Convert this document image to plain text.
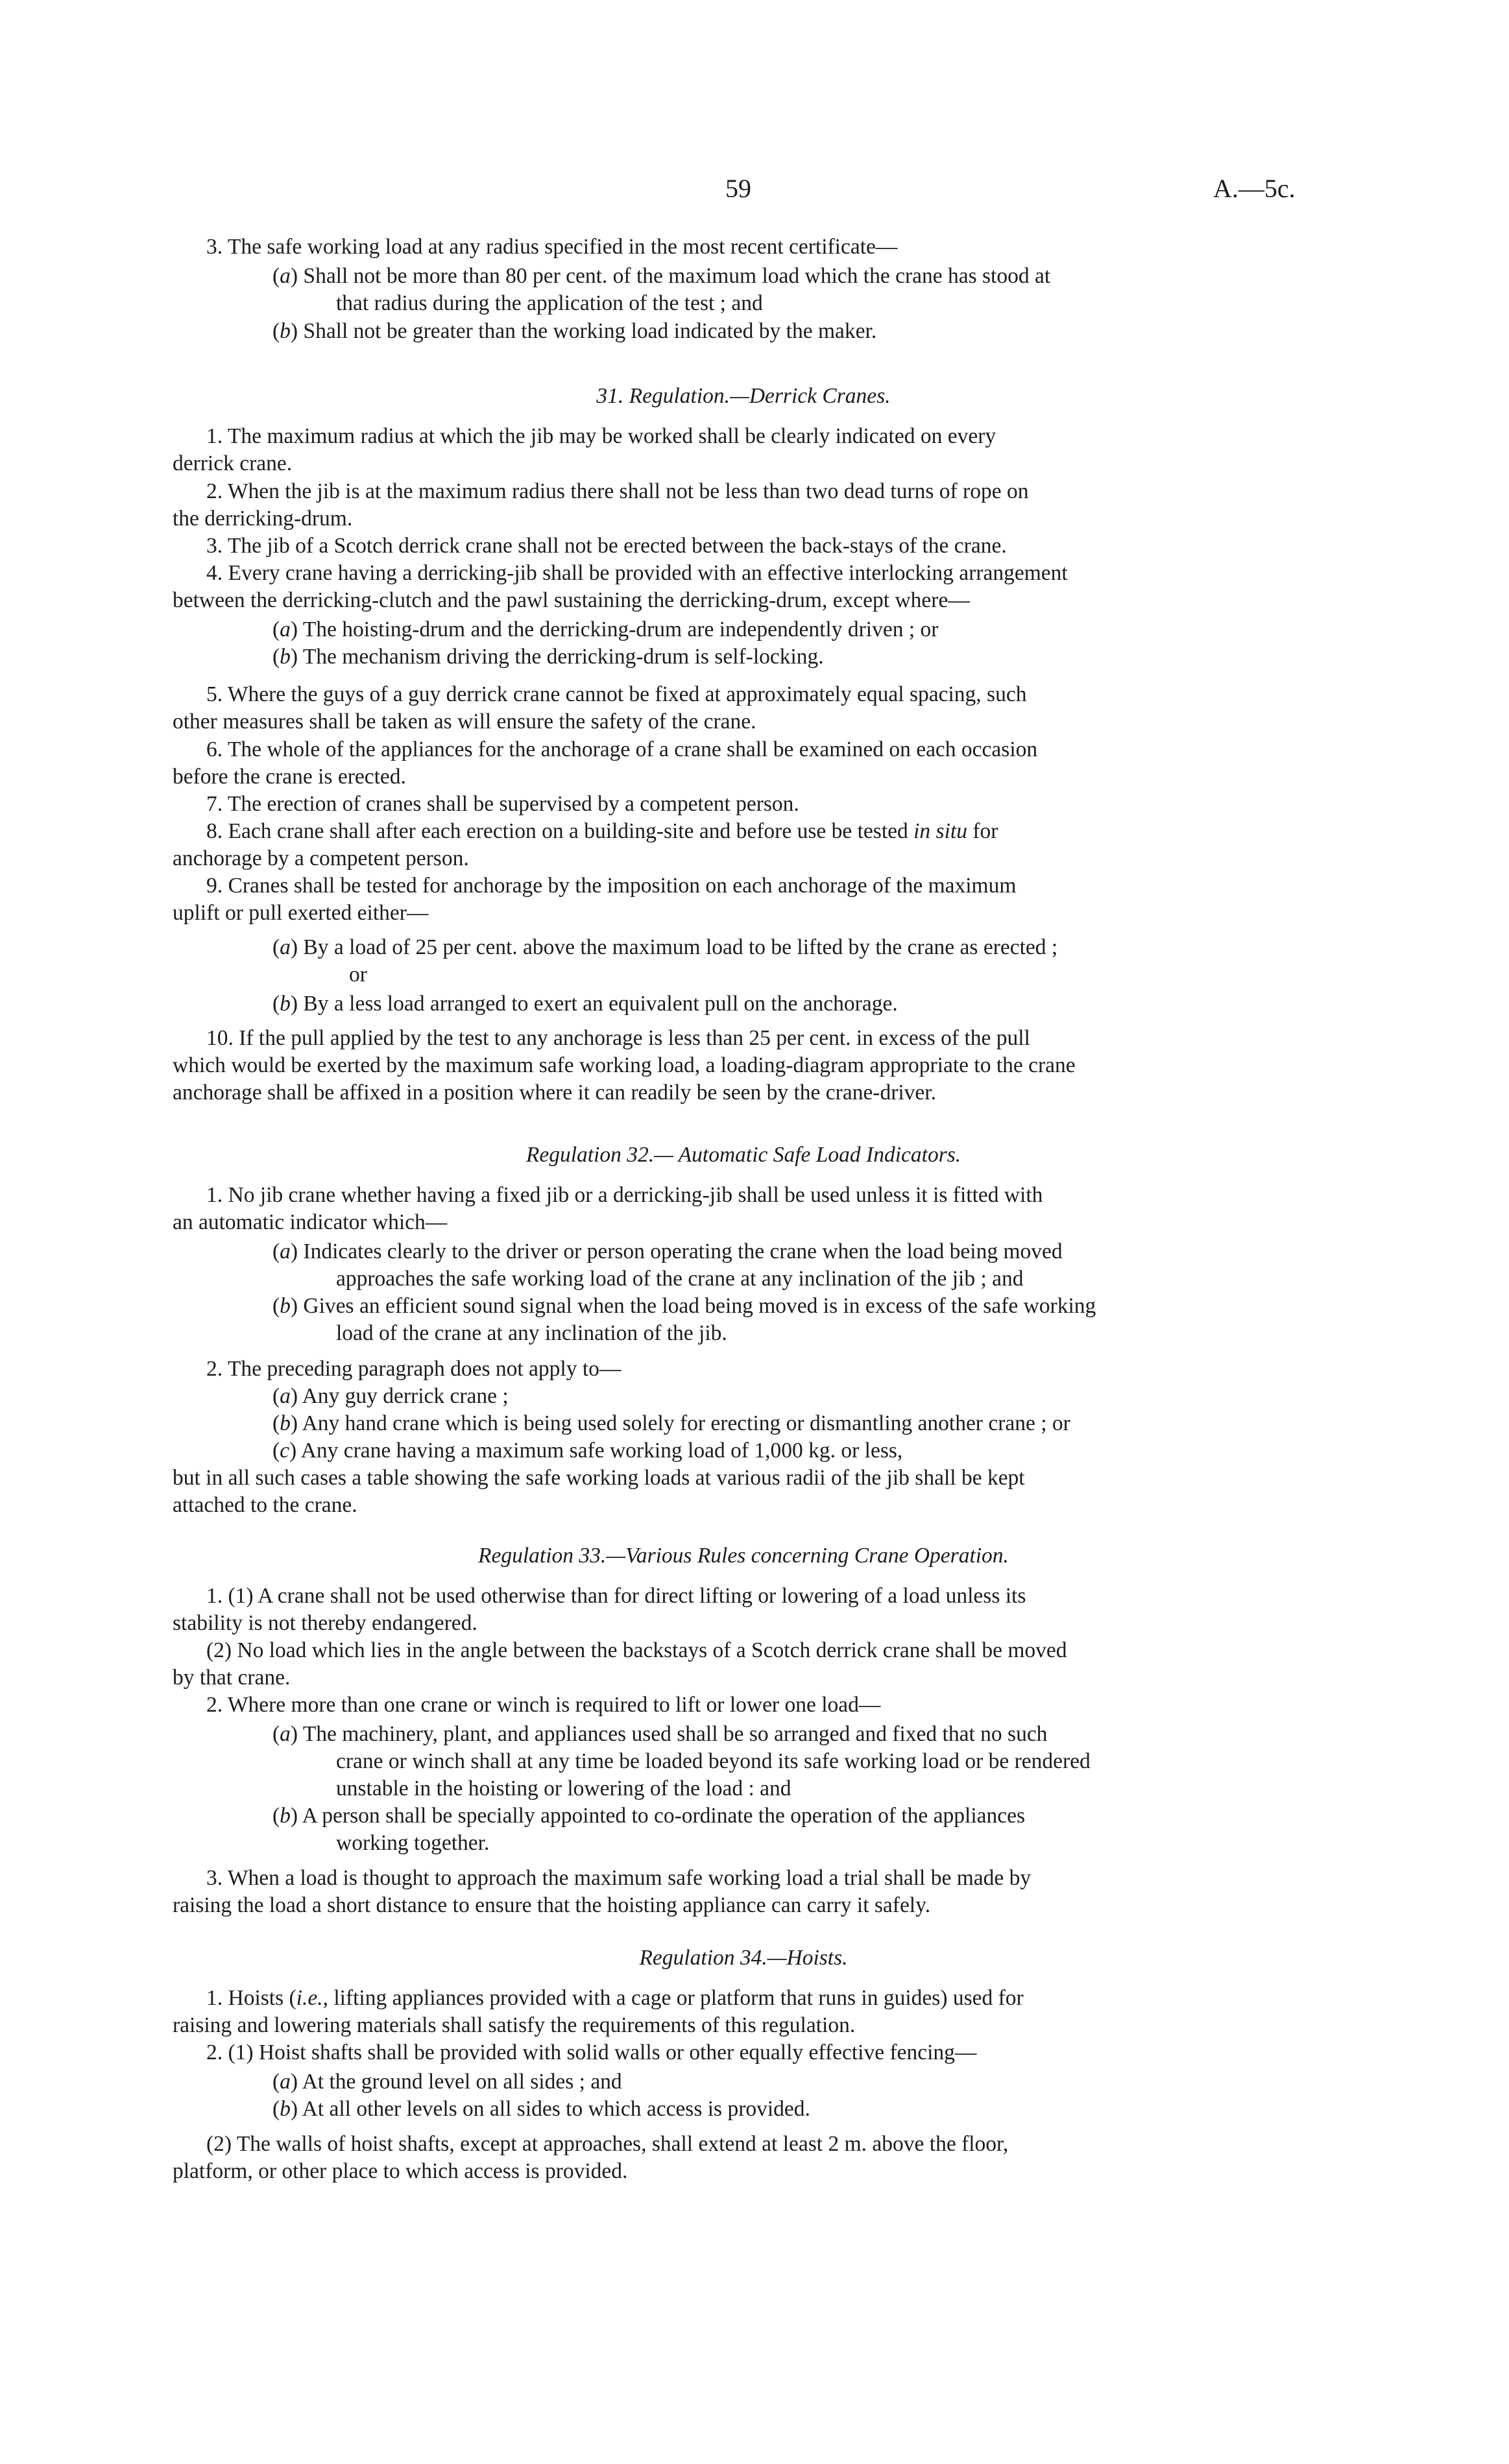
59	A.—5c.
3. The safe working load at any radius specified in the most recent certificate—
(a) Shall not be more than 80 per cent. of the maximum load which the crane has stood at
that radius during the application of the test ; and
(b) Shall not be greater than the working load indicated by the maker.
31. Regulation.—Derrick Cranes.
1. The maximum radius at which the jib may be worked shall be clearly indicated on every
derrick crane.
2. When the jib is at the maximum radius there shall not be less than two dead turns of rope on
the derricking-drum.
3. The jib of a Scotch derrick crane shall not be erected between the back-stays of the crane.
4. Every crane having a derricking-jib shall be provided with an effective interlocking arrangement
between the derricking-clutch and the pawl sustaining the derricking-drum, except where—
(a) The hoisting-drum and the derricking-drum are independently driven ; or
(b) The mechanism driving the derricking-drum is self-locking.
5. Where the guys of a guy derrick crane cannot be fixed at approximately equal spacing, such
other measures shall be taken as will ensure the safety of the crane.
6. The whole of the appliances for the anchorage of a crane shall be examined on each occasion
before the crane is erected.
7. The erection of cranes shall be supervised by a competent person.
8. Each crane shall after each erection on a building-site and before use be tested in situ for
anchorage by a competent person.
9. Cranes shall be tested for anchorage by the imposition on each anchorage of the maximum
uplift or pull exerted either—
(a) By a load of 25 per cent. above the maximum load to be lifted by the crane as erected ;
or
(b) By a less load arranged to exert an equivalent pull on the anchorage.
10. If the pull applied by the test to any anchorage is less than 25 per cent. in excess of the pull
which would be exerted by the maximum safe working load, a loading-diagram appropriate to the crane
anchorage shall be affixed in a position where it can readily be seen by the crane-driver.
Regulation 32.— Automatic Safe Load Indicators.
1. No jib crane whether having a fixed jib or a derricking-jib shall be used unless it is fitted with
an automatic indicator which—
(a) Indicates clearly to the driver or person operating the crane when the load being moved
approaches the safe working load of the crane at any inclination of the jib ; and
(b) Gives an efficient sound signal when the load being moved is in excess of the safe working
load of the crane at any inclination of the jib.
2. The preceding paragraph does not apply to—
(a) Any guy derrick crane ;
(b) Any hand crane which is being used solely for erecting or dismantling another crane ; or
(c) Any crane having a maximum safe working load of 1,000 kg. or less,
but in all such cases a table showing the safe working loads at various radii of the jib shall be kept
attached to the crane.
Regulation 33.—Various Rules concerning Crane Operation.
1. (1) A crane shall not be used otherwise than for direct lifting or lowering of a load unless its
stability is not thereby endangered.
(2) No load which lies in the angle between the backstays of a Scotch derrick crane shall be moved
by that crane.
2. Where more than one crane or winch is required to lift or lower one load—
(a) The machinery, plant, and appliances used shall be so arranged and fixed that no such
crane or winch shall at any time be loaded beyond its safe working load or be rendered
unstable in the hoisting or lowering of the load : and
(b) A person shall be specially appointed to co-ordinate the operation of the appliances
working together.
3. When a load is thought to approach the maximum safe working load a trial shall be made by
raising the load a short distance to ensure that the hoisting appliance can carry it safely.
Regulation 34.—Hoists.
1. Hoists (i.e., lifting appliances provided with a cage or platform that runs in guides) used for
raising and lowering materials shall satisfy the requirements of this regulation.
2. (1) Hoist shafts shall be provided with solid walls or other equally effective fencing—
(a) At the ground level on all sides ; and
(b) At all other levels on all sides to which access is provided.
(2) The walls of hoist shafts, except at approaches, shall extend at least 2 m. above the floor,
platform, or other place to which access is provided.
